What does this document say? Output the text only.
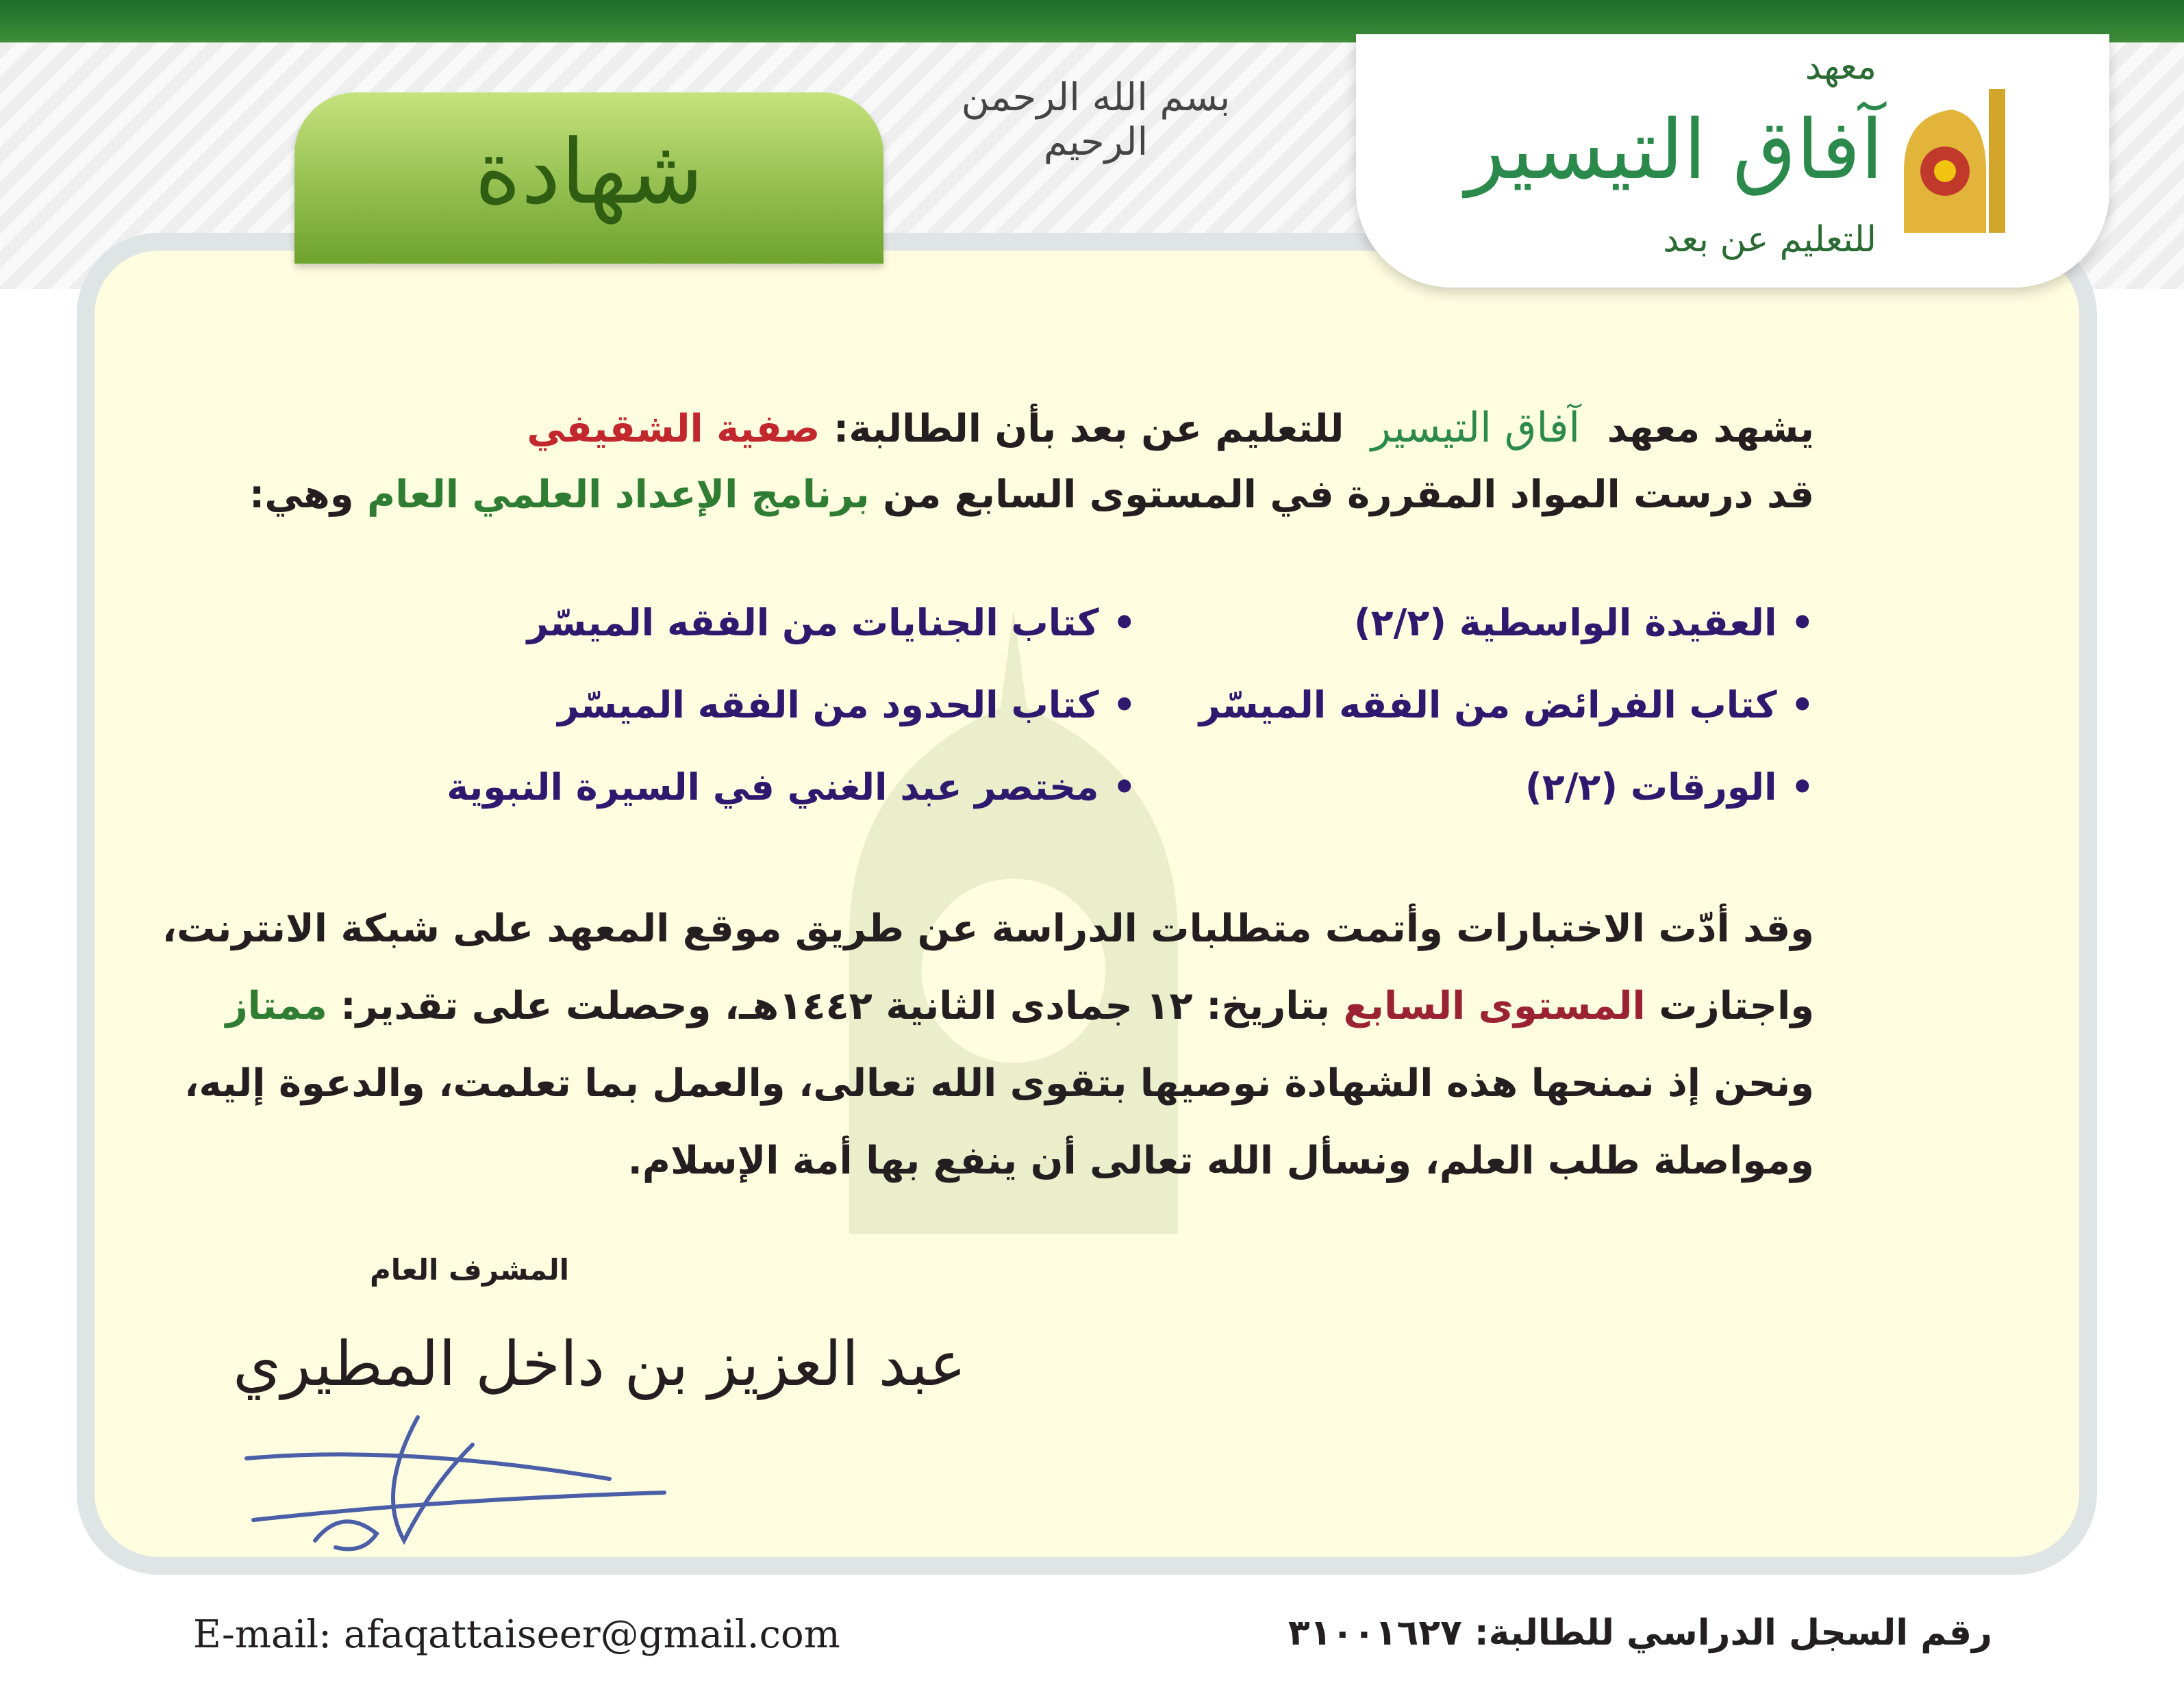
شهادة
بسم الله الرحمن الرحيم
معهد
آفاق التيسير
للتعليم عن بعد
يشهد معهد آفاق التيسير للتعليم عن بعد بأن الطالبة: صفية الشقيفي
قد درست المواد المقررة في المستوى السابع من برنامج الإعداد العلمي العام وهي:
• العقيدة الواسطية (٢/٢)
• كتاب الفرائض من الفقه الميسّر
• الورقات (٢/٢)
• كتاب الجنايات من الفقه الميسّر
• كتاب الحدود من الفقه الميسّر
• مختصر عبد الغني في السيرة النبوية
وقد أدّت الاختبارات وأتمت متطلبات الدراسة عن طريق موقع المعهد على شبكة الانترنت،
واجتازت المستوى السابع بتاريخ: ١٢ جمادى الثانية ١٤٤٢هـ، وحصلت على تقدير: ممتاز
ونحن إذ نمنحها هذه الشهادة نوصيها بتقوى الله تعالى، والعمل بما تعلمت، والدعوة إليه،
ومواصلة طلب العلم، ونسأل الله تعالى أن ينفع بها أمة الإسلام.
المشرف العام
عبد العزيز بن داخل المطيري
E-mail: afaqattaiseer@gmail.com	رقم السجل الدراسي للطالبة: ٣١٠٠١٦٢٧
